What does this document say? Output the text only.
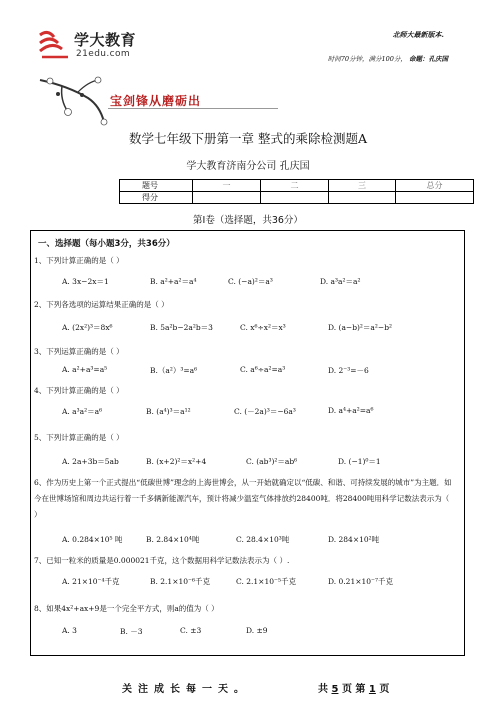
学大教育
21edu.com
北师大最新版本.
时间70分钟，满分100分， 命题：孔庆国
宝剑锋从磨砺出
数学七年级下册第一章 整式的乘除检测题A
学大教育济南分公司 孔庆国
题号	一	二	三	总分
得分				
第Ⅰ卷（选择题，共36分）
一、选择题（每小题3分，共36分）
1、下列计算正确的是（ ）
A. 3x−2x＝1	B. a²+a²＝a⁴	C. (−a)²＝a³	D. a³a²＝a²
2、下列各选项的运算结果正确的是（ ）
A. (2x²)³＝8x⁶	B. 5a²b−2a²b＝3	C. x⁶÷x²＝x³	D. (a−b)²＝a²−b²
3、下列运算正确的是（ ）
A. a²+a³=a⁵	B.（a²）³=a⁶	C. a⁶÷a²=a³	D. 2⁻³=－6
4、下列计算正确的是（ ）
A. a³a²＝a⁶	B. (a⁴)³＝a¹²	C. (－2a)³＝−6a³	D. a⁴+a²=a⁶
5、下列计算正确的是（ ）
A. 2a+3b＝5ab	B. (x+2)²＝x²+4	C. (ab³)²＝ab⁶	D. (−1)⁰＝1
6、作为历史上第一个正式提出“低碳世博”理念的上海世博会，从一开始就确定以“低碳、和谐、可持续发展的城市”为主题．如今在世博场馆和周边共运行着一千多辆新能源汽车，预计将减少温室气体排放约28400吨．将28400吨用科学记数法表示为（ ）
A. 0.284×10⁵ 吨	B. 2.84×10⁴吨	C. 28.4×10³吨	D. 284×10²吨
7、已知一粒米的质量是0.000021千克，这个数据用科学记数法表示为（ ）.
A. 21×10⁻⁴千克	B. 2.1×10⁻⁶千克	C. 2.1×10⁻⁵千克	D. 0.21×10⁻⁷千克
8、如果4x²+ax+9是一个完全平方式，则a的值为（ ）
A. 3	B. －3	C. ±3	D. ±9
关注成长每一天。	共 5 页 第 1 页
